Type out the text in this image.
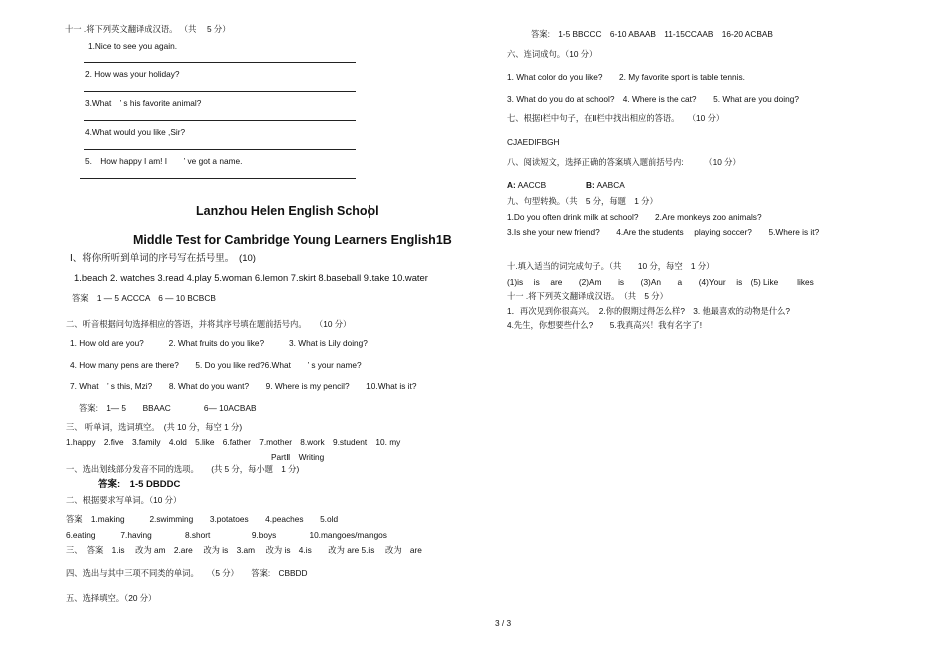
十一 .将下列英文翻译成汉语。 （共　 5 分）
1.Nice to see you again.
2. How was your holiday?
3.What　’ s his favorite animal?
4.What would you like ,Sir?
5.　How happy I am! I　　’ ve got a name.
Lanzhou Helen English School
Middle Test for Cambridge Young Learners English1B
Ⅰ、将你所听到单词的序号写在括号里。　(10)
1.beach 2. watches 3.read 4.play 5.woman 6.lemon 7.skirt 8.baseball 9.take 10.water
答案　1 — 5 ACCCA　6 — 10 BCBCB
二、听音根据问句选择相应的答语，并将其序号填在题前括号内。　　（10 分）
1. How old are you?　　　2. What fruits do you like?　　　3. What is Lily doing?
4. How many pens are there?　　5. Do you like red?6.What　　’ s your name?
7. What　’ s this, Mzi?　　8. What do you want?　　9. Where is my pencil?　　10.What is it?
答案:　1— 5　　BBAAC　　　　6— 10ACBAB
三、 听单词，选词填空。　(共 10 分，每空 1 分)
1.happy　2.five　3.family　4.old　5.like　6.father　7.mother　8.work　9.student　10. my
PartⅡ　Writing
一、选出划线部分发音不同的选项。　　(共 5 分，每小题　1 分)
答案:　1-5 DBDDC
二、根据要求写单词。（10 分）
答案　1.making　　　2.swimming　　3.potatoes　　4.peaches　　5.old
6.eating　　　7.having　　　　8.short　　　　　9.boys　　　　10.mangoes/mangos
三、　答案　1.is　 改为 am　2.are　 改为 is　3.am　 改为 is　4.is　　改为 are 5.is　 改为　are
四、选出与其中三项不同类的单词。　　（5 分）　　答案:　CBBDD
五、选择填空。（20 分）
答案:　1-5 BBCCC　6-10 ABAAB　11-15CCAAB　16-20 ACBAB
六、连词成句。（10 分）
1. What color do you like?　　2. My favorite sport is table tennis.
3. What do you do at school?　4. Where is the cat?　　5. What are you doing?
七、根据Ⅰ栏中句子，在Ⅱ栏中找出相应的答语。　　（10 分）
CJAEDIFBGH
八、阅读短文，选择正确的答案填入题前括号内:　　　（10 分）
A: AACCB	B: AABCA
九、句型转换。（共　5 分，每题　1 分）
1.Do you often drink milk at school?　　2.Are monkeys zoo animals?
3.Is she your new friend?　　4.Are the students　 playing soccer?　　5.Where is it?
十.填入适当的词完成句子。（共　　10 分，每空　1 分）
(1)is　 is　 are　　(2)Am　　is　　(3)An　　a　　(4)Your　 is　(5) Like　　 likes
十一 .将下列英文翻译成汉语。　（共　5 分）
1．再次见到你很高兴。　2.你的假期过得怎么样?　3. 他最喜欢的动物是什么?
4.先生，你想要些什么?　　5.我真高兴！我有名字了!
3 / 3
